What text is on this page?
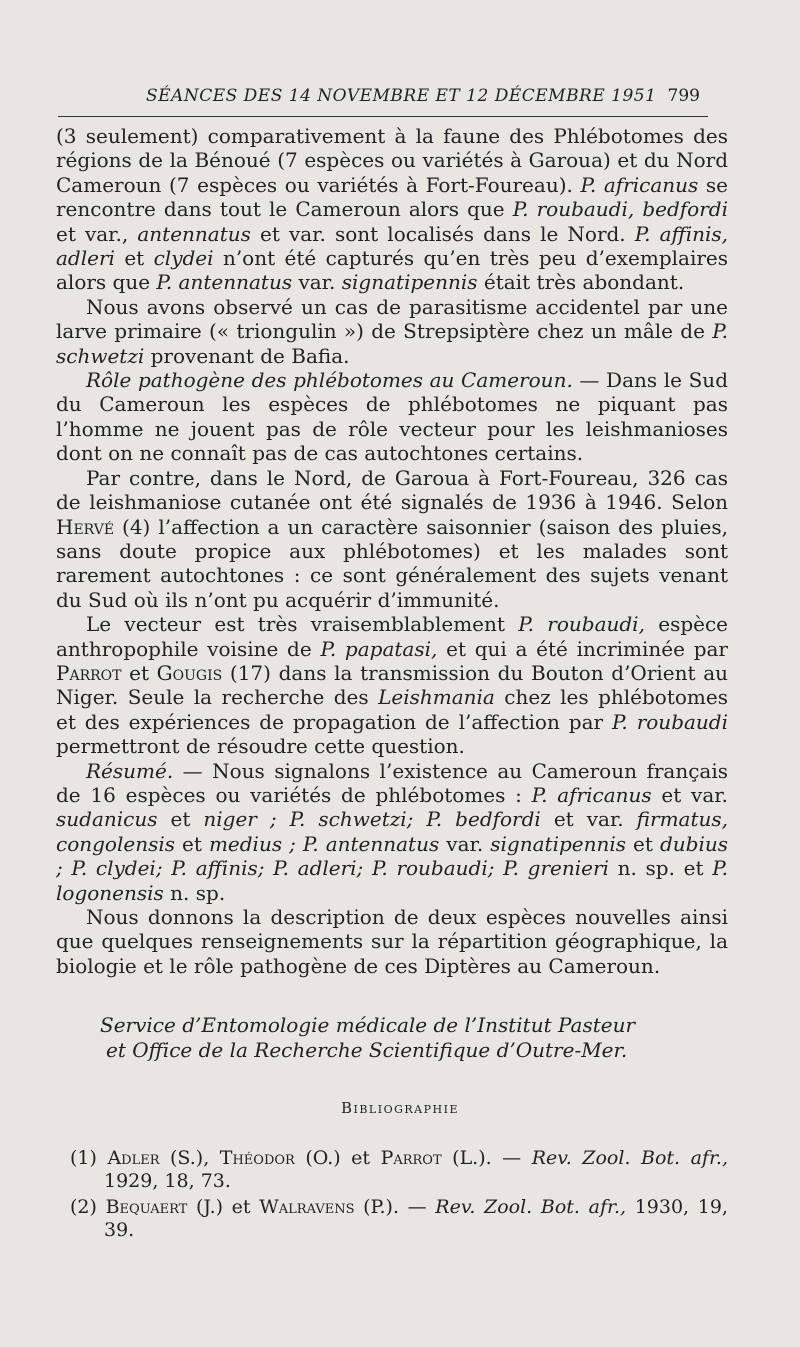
SÉANCES DES 14 NOVEMBRE ET 12 DÉCEMBRE 1951 799

(3 seulement) comparativement à la faune des Phlébotomes des régions de la Bénoué (7 espèces ou variétés à Garoua) et du Nord Cameroun (7 espèces ou variétés à Fort-Foureau). P. africanus se rencontre dans tout le Cameroun alors que P. roubaudi, bedfordi et var., antennatus et var. sont localisés dans le Nord. P. affinis, adleri et clydei n’ont été capturés qu’en très peu d’exemplaires alors que P. antennatus var. signatipennis était très abondant.

Nous avons observé un cas de parasitisme accidentel par une larve primaire (« triongulin ») de Strepsiptère chez un mâle de P. schwetzi provenant de Bafia.

Rôle pathogène des phlébotomes au Cameroun. — Dans le Sud du Cameroun les espèces de phlébotomes ne piquant pas l’homme ne jouent pas de rôle vecteur pour les leishmanioses dont on ne connaît pas de cas autochtones certains.

Par contre, dans le Nord, de Garoua à Fort-Foureau, 326 cas de leishmaniose cutanée ont été signalés de 1936 à 1946. Selon Hervé (4) l’affection a un caractère saisonnier (saison des pluies, sans doute propice aux phlébotomes) et les malades sont rarement autochtones : ce sont généralement des sujets venant du Sud où ils n’ont pu acquérir d’immunité.

Le vecteur est très vraisemblablement P. roubaudi, espèce anthropophile voisine de P. papatasi, et qui a été incriminée par Parrot et Gougis (17) dans la transmission du Bouton d’Orient au Niger. Seule la recherche des Leishmania chez les phlébotomes et des expériences de propagation de l’affection par P. roubaudi permettront de résoudre cette question.

Résumé. — Nous signalons l’existence au Cameroun français de 16 espèces ou variétés de phlébotomes : P. africanus et var. sudanicus et niger ; P. schwetzi; P. bedfordi et var. firmatus, congolensis et medius ; P. antennatus var. signatipennis et dubius ; P. clydei; P. affinis; P. adleri; P. roubaudi; P. grenieri n. sp. et P. logonensis n. sp.

Nous donnons la description de deux espèces nouvelles ainsi que quelques renseignements sur la répartition géographique, la biologie et le rôle pathogène de ces Diptères au Cameroun.

Service d’Entomologie médicale de l’Institut Pasteur

et Office de la Recherche Scientifique d’Outre-Mer.

Bibliographie

(1) Adler (S.), Théodor (O.) et Parrot (L.). — Rev. Zool. Bot. afr., 1929, 18, 73.

(2) Bequaert (J.) et Walravens (P.). — Rev. Zool. Bot. afr., 1930, 19, 39.
